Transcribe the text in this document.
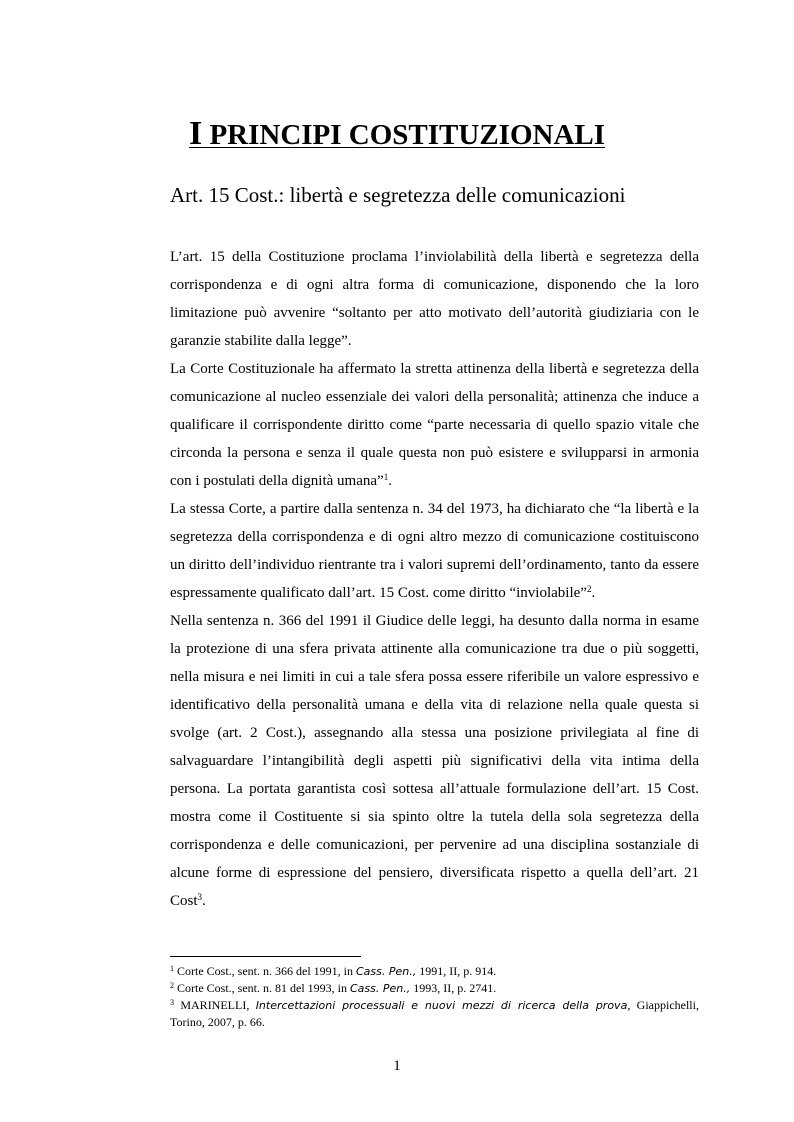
I PRINCIPI COSTITUZIONALI
Art. 15 Cost.: libertà e segretezza delle comunicazioni

L’art. 15 della Costituzione proclama l’inviolabilità della libertà e segretezza della corrispondenza e di ogni altra forma di comunicazione, disponendo che la loro limitazione può avvenire “soltanto per atto motivato dell’autorità giudiziaria con le garanzie stabilite dalla legge”.

La Corte Costituzionale ha affermato la stretta attinenza della libertà e segretezza della comunicazione al nucleo essenziale dei valori della personalità; attinenza che induce a qualificare il corrispondente diritto come “parte necessaria di quello spazio vitale che circonda la persona e senza il quale questa non può esistere e svilupparsi in armonia con i postulati della dignità umana”$^1$.

La stessa Corte, a partire dalla sentenza n. 34 del 1973, ha dichiarato che “la libertà e la segretezza della corrispondenza e di ogni altro mezzo di comunicazione costituiscono un diritto dell’individuo rientrante tra i valori supremi dell’ordinamento, tanto da essere espressamente qualificato dall’art. 15 Cost. come diritto “inviolabile”$^2$.

Nella sentenza n. 366 del 1991 il Giudice delle leggi, ha desunto dalla norma in esame la protezione di una sfera privata attinente alla comunicazione tra due o più soggetti, nella misura e nei limiti in cui a tale sfera possa essere riferibile un valore espressivo e identificativo della personalità umana e della vita di relazione nella quale questa si svolge (art. 2 Cost.), assegnando alla stessa una posizione privilegiata al fine di salvaguardare l’intangibilità degli aspetti più significativi della vita intima della persona. La portata garantista così sottesa all’attuale formulazione dell’art. 15 Cost. mostra come il Costituente si sia spinto oltre la tutela della sola segretezza della corrispondenza e delle comunicazioni, per pervenire ad una disciplina sostanziale di alcune forme di espressione del pensiero, diversificata rispetto a quella dell’art. 21 Cost$^3$.

$^1$ Corte Cost., sent. n. 366 del 1991, in Cass. Pen., 1991, II, p. 914.

$^2$ Corte Cost., sent. n. 81 del 1993, in Cass. Pen., 1993, II, p. 2741.

$^3$ MARINELLI, Intercettazioni processuali e nuovi mezzi di ricerca della prova, Giappichelli, Torino, 2007, p. 66.

1
